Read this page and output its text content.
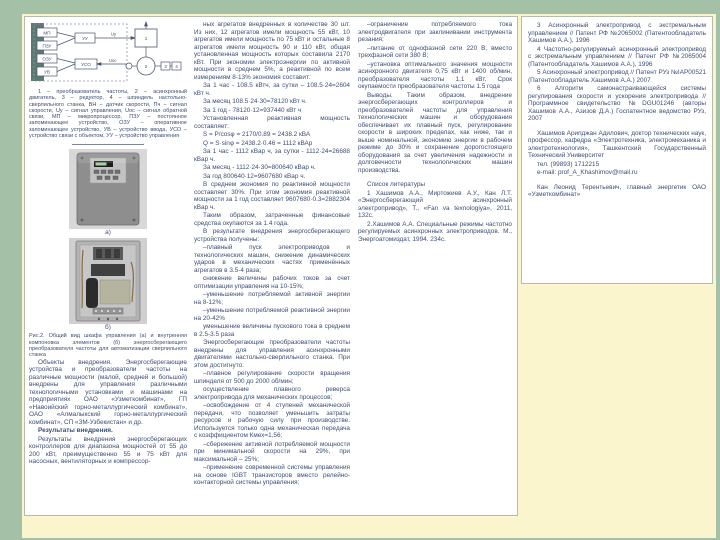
МП
ПЗУ
ОЗУ
УВ
УУ
УСО
1
2	3 4
Uу
Uос
1 – преобразователь частоты, 2 – асинхронный двигатель, 3 – редуктор, 4 – шпиндель настольно-сверлильного станка, ВН – датчик скорости, Пч – сигнал скорости, Uу – сигнал управления, Uос – сигнал обратной связи, МП – микропроцессор, ПЗУ – постоянное запоминающее устройство, ОЗУ – оперативное запоминающее устройство, УВ – устройство ввода, УСО – устройство связи с объектом, УУ – устройство управления
а)
б)
Рис.2. Общий вид шкафа управления (а) и внутренняя компоновка элементов (б) энергосберегающего преобразователя частоты для автоматизации сверлильного станка

Объекты внедрения. Энергосберегающие устройства и преобразователи частоты на различные мощности (малой, средней и большой) внедрены для управления различными технологичными установками и машинами на предприятиях ОАО «Узметкомбинат», ГП «Навоийский горно-металлургический комбинат», ОАО «Алмалыкский горно-металлургический комбинат», СП «ЗМ-Узбекистан» и др.

Результаты внедрения.

Результаты внедрения энергосберегающих контроллеров для диапазона мощностей от 55 до 200 кВт, преимущественно 55 и 75 кВт для насосных, вентиляторных и компрессор-

ных агрегатов внедренных в количестве 30 шт. Из них, 12 агрегатов имели мощность 55 кВт, 10 агрегатов имели мощность по 75 кВт и остальные 8 агрегатов имели мощность 90 и 110 кВт, общая установленная мощность которых составила 2170 кВт. При экономии электроэнергии по активной мощности в среднем 5%, а реактивной по всем измерениям 8-13% экономия составит:

За 1 час - 108.5 кВтч, за сутки – 108.5·24=2604 кВт ч.

За месяц 108.5·24·30=78120 кВт ч.

За 1 год - 78120·12=937440 кВт ч

Установленная реактивная мощность составляет:

S = P/cosφ = 2170/0.89 = 2438.2 кВА

Q = S·sinφ = 2438.2·0.46 = 1112 кВАр

За 1 час - 1112 кВар ч, за сутки - 1112·24=26688 кВар ч.

За месяц - 1112·24·30=800640 кВар ч.

За год 800640·12=9607680 кВар ч.

В среднем экономия по реактивной мощности составляет 30%. При этом экономия реактивной мощности за 1 год составляет 9607680·0.3=2882304 кВар ч.

Таким образом, затраченные финансовые средства окупаются за 1.4 года.

В результате внедрения энергосберегающего устройства получены:

–плавный пуск электроприводов и технологических машин, снижение динамических ударов в механических частях применённых агрегатов в 3.5-4 раза;

снижение величины рабочих токов за счет оптимизации управления на 10-15%;

–уменьшение потребляемой активной энергии на 8-12%;

–уменьшение потребляемой реактивной энергии на 20-42%

уменьшение величины пускового тока в среднем в 2.5-3.5 раза

Энергосберегающие преобразователи частоты внедрены для управления асинхронными двигателями настольно-сверлильного станка. При этом достигнуто:

–плавное регулирование скорости вращения шпинделя от 500 до 2000 об/мин;

осуществление плавного реверса электропривода для механических процессов;

–освобождение от 4 ступеней механической передачи, что позволяет уменьшить затраты ресурсов и рабочую силу при производстве. Используется только одна механическая передача с коэффициентом Кмех=1,56;

–сбережение активной потребляемой мощности при минимальной скорости на 29%, при максимальной – 25%;

–применение современной системы управления на основе IGBT транзисторов вместо релейно-контакторной системы управления;

–ограничение потребляемого тока электродвигателя при заклинивании инструмента резания;

–питание от однофазной сети 220 В, вместо трехфазной сети 380 В;

–установка оптимального значения мощности асинхронного двигателя 0,75 кВт и 1400 об/мин, преобразователя частоты 1,1 кВт. Срок окупаемости преобразователя частоты 1.5 года

Выводы. Таким образом, внедрение энергосберегающих контроллеров и преобразователей частоты для управления технологических машин и оборудования обеспечивает их плавный пуск, регулирование скорости в широких пределах, как ниже, так и выше номинальной, экономию энергии в рабочем режиме до 30% и сохранение дорогостоящего оборудования за счет увеличения надежности и долговечности технологических машин производства.

Список литературы

1 Хашимов А.А., Миртожиев А.У., Кан Л.Т. «Энергосберегающий асинхронный электропривод», Т., «Fan va texnologiya», 2011, 132с.

2.Хашимов А.А. Специальные режимы частотно регулируемых асинхронных электроприводов. М., Энергоатомиздат, 1994. 234с.

3 Асинхронный электропривод с экстремальным управлением // Патент РФ №2065002 (Патентообладатель Хашимов А.А.), 1996

4 Частотно-регулируемый асинхронный электропривод с экстремальным управлением // Патент РФ №2065004 (Патентообладатель Хашимов А.А.), 1996

5 Асинхронный электропривод // Патент РУз №IAP00521 (Патентообладатель Хашимов А.А.) 2007

6 Алгоритм самонастраивающейся системы регулирования скорости и ускорения электропривода // Программное свидетельство №DGU01246 (авторы Хашимов А.А., Азизов Д.А.) Госпатентное ведомство РУз, 2007

Хашимов Арипджан Адилович, доктор технических наук, профессор, кафедра «Электротехника, электромеханика и электротехнология», Ташкентский Государственный Технический Университет

тел. (99893) 1712215

e-mail: prof_A_Khashimov@mail.ru

Кан Леонид Терентьевич, главный энергетик ОАО «Узметкомбинат»
